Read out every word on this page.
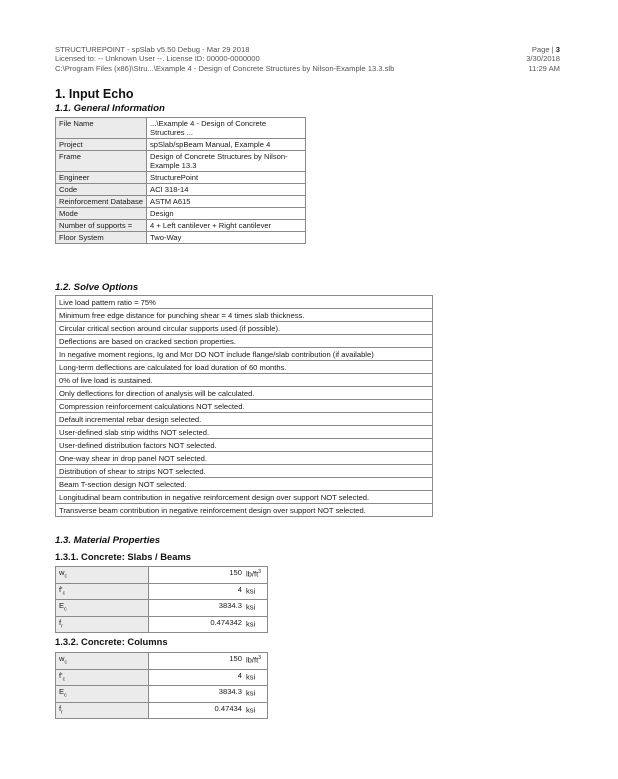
STRUCTUREPOINT - spSlab v5.50 Debug - Mar 29 2018
Licensed to: -- Unknown User --. License ID: 00000-0000000
C:\Program Files (x86)\Stru...\Example 4 - Design of Concrete Structures by Nilson-Example 13.3.slb
Page | 3
3/30/2018
11:29 AM
1. Input Echo
1.1. General Information
File Name	...\Example 4 - Design of Concrete Structures ...
Project	spSlab/spBeam Manual, Example 4
Frame	Design of Concrete Structures by Nilson-Example 13.3
Engineer	StructurePoint
Code	ACI 318-14
Reinforcement Database	ASTM A615
Mode	Design
Number of supports =	4 + Left cantilever + Right cantilever
Floor System	Two-Way
1.2. Solve Options
Live load pattern ratio = 75%
Minimum free edge distance for punching shear = 4 times slab thickness.
Circular critical section around circular supports used (if possible).
Deflections are based on cracked section properties.
In negative moment regions, Ig and Mcr DO NOT include flange/slab contribution (if available)
Long-term deflections are calculated for load duration of 60 months.
0% of live load is sustained.
Only deflections for direction of analysis will be calculated.
Compression reinforcement calculations NOT selected.
Default incremental rebar design selected.
User-defined slab strip widths NOT selected.
User-defined distribution factors NOT selected.
One-way shear in drop panel NOT selected.
Distribution of shear to strips NOT selected.
Beam T-section design NOT selected.
Longitudinal beam contribution in negative reinforcement design over support NOT selected.
Transverse beam contribution in negative reinforcement design over support NOT selected.
1.3. Material Properties
1.3.1. Concrete: Slabs / Beams
$w_c$	150	$lb/ft^3$
$f'_c$	4	ksi
$E_c$	3834.3	ksi
$f_r$	0.474342	ksi
1.3.2. Concrete: Columns
$w_c$	150	$lb/ft^3$
$f'_c$	4	ksi
$E_c$	3834.3	ksi
$f_r$	0.47434	ksi
